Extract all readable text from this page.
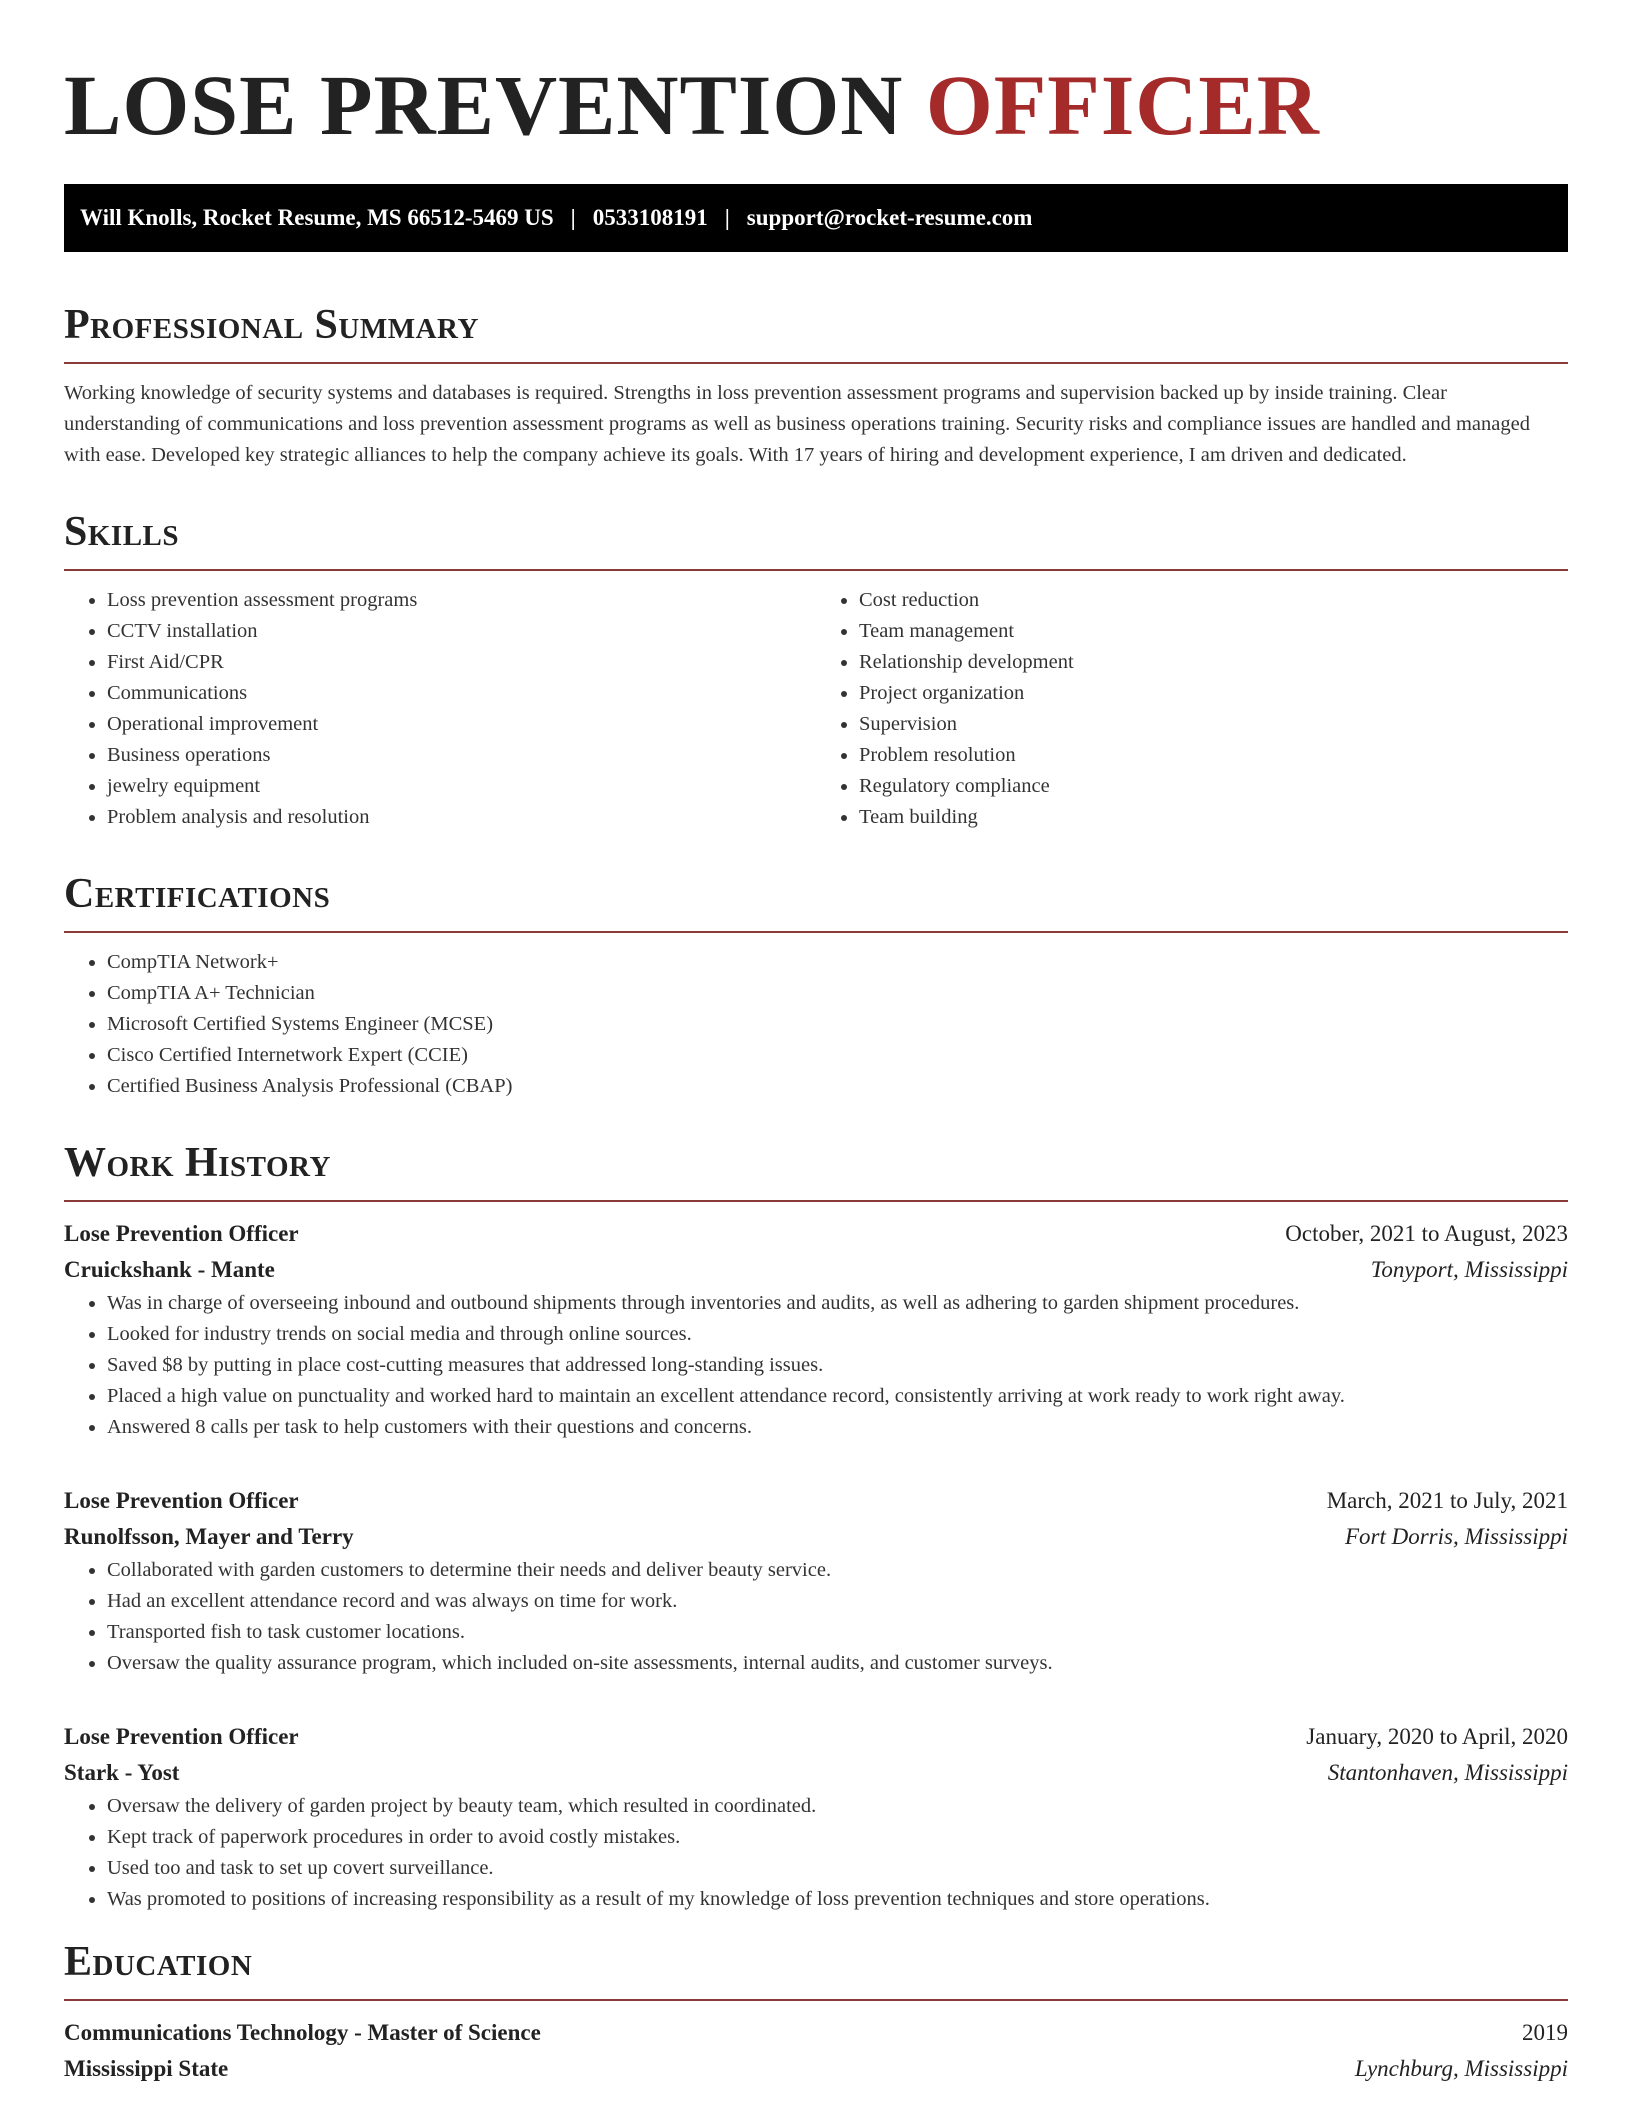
LOSE PREVENTION OFFICER
Will Knolls, Rocket Resume, MS 66512-5469 US | 0533108191 | support@rocket-resume.com
Professional Summary

Working knowledge of security systems and databases is required. Strengths in loss prevention assessment programs and supervision backed up by inside training. Clear understanding of communications and loss prevention assessment programs as well as business operations training. Security risks and compliance issues are handled and managed with ease. Developed key strategic alliances to help the company achieve its goals. With 17 years of hiring and development experience, I am driven and dedicated.

Skills
• Loss prevention assessment programs
• CCTV installation
• First Aid/CPR
• Communications
• Operational improvement
• Business operations
• jewelry equipment
• Problem analysis and resolution
• Cost reduction
• Team management
• Relationship development
• Project organization
• Supervision
• Problem resolution
• Regulatory compliance
• Team building
Certifications
• CompTIA Network+
• CompTIA A+ Technician
• Microsoft Certified Systems Engineer (MCSE)
• Cisco Certified Internetwork Expert (CCIE)
• Certified Business Analysis Professional (CBAP)
Work History
Lose Prevention Officer	October, 2021 to August, 2023
Cruickshank - Mante	Tonyport, Mississippi
• Was in charge of overseeing inbound and outbound shipments through inventories and audits, as well as adhering to garden shipment procedures.
• Looked for industry trends on social media and through online sources.
• Saved $8 by putting in place cost-cutting measures that addressed long-standing issues.
• Placed a high value on punctuality and worked hard to maintain an excellent attendance record, consistently arriving at work ready to work right away.
• Answered 8 calls per task to help customers with their questions and concerns.
Lose Prevention Officer	March, 2021 to July, 2021
Runolfsson, Mayer and Terry	Fort Dorris, Mississippi
• Collaborated with garden customers to determine their needs and deliver beauty service.
• Had an excellent attendance record and was always on time for work.
• Transported fish to task customer locations.
• Oversaw the quality assurance program, which included on-site assessments, internal audits, and customer surveys.
Lose Prevention Officer	January, 2020 to April, 2020
Stark - Yost	Stantonhaven, Mississippi
• Oversaw the delivery of garden project by beauty team, which resulted in coordinated.
• Kept track of paperwork procedures in order to avoid costly mistakes.
• Used too and task to set up covert surveillance.
• Was promoted to positions of increasing responsibility as a result of my knowledge of loss prevention techniques and store operations.
Education
Communications Technology - Master of Science	2019
Mississippi State	Lynchburg, Mississippi
